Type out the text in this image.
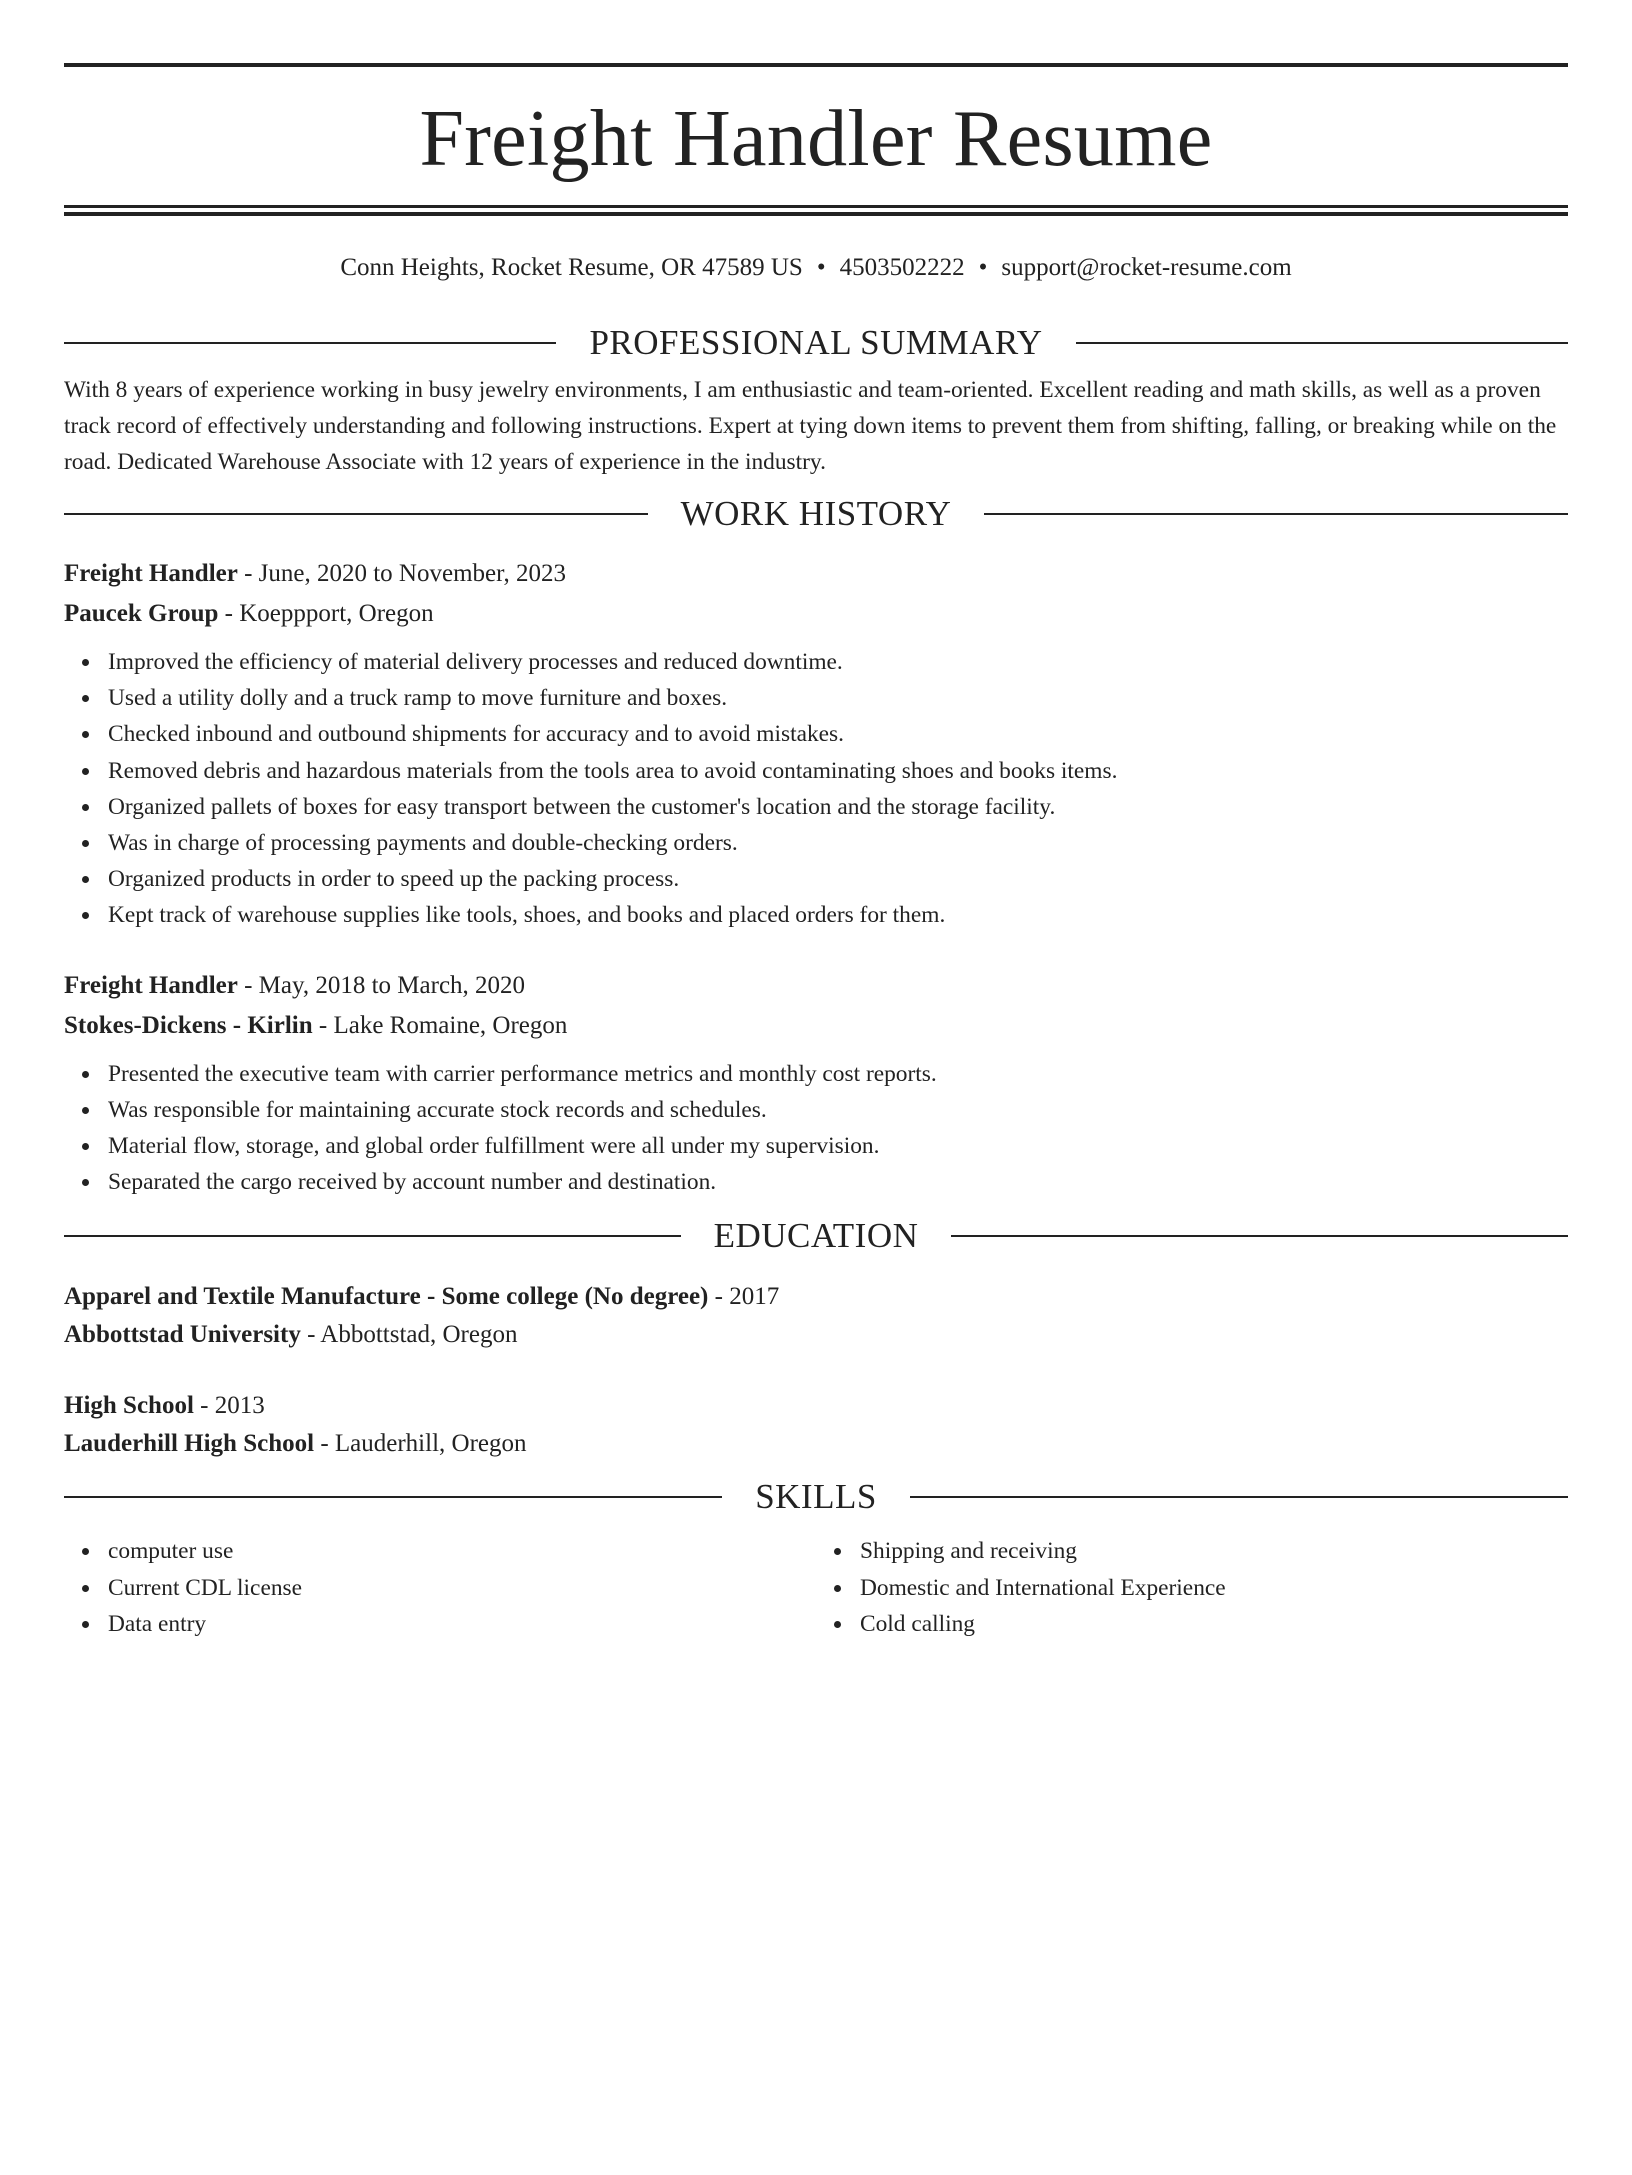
Freight Handler Resume
Conn Heights, Rocket Resume, OR 47589 US • 4503502222 • support@rocket-resume.com
PROFESSIONAL SUMMARY
With 8 years of experience working in busy jewelry environments, I am enthusiastic and team-oriented. Excellent reading and math skills, as well as a proven track record of effectively understanding and following instructions. Expert at tying down items to prevent them from shifting, falling, or breaking while on the road. Dedicated Warehouse Associate with 12 years of experience in the industry.
WORK HISTORY
Freight Handler - June, 2020 to November, 2023
Paucek Group - Koeppport, Oregon
Improved the efficiency of material delivery processes and reduced downtime.
Used a utility dolly and a truck ramp to move furniture and boxes.
Checked inbound and outbound shipments for accuracy and to avoid mistakes.
Removed debris and hazardous materials from the tools area to avoid contaminating shoes and books items.
Organized pallets of boxes for easy transport between the customer's location and the storage facility.
Was in charge of processing payments and double-checking orders.
Organized products in order to speed up the packing process.
Kept track of warehouse supplies like tools, shoes, and books and placed orders for them.
Freight Handler - May, 2018 to March, 2020
Stokes-Dickens - Kirlin - Lake Romaine, Oregon
Presented the executive team with carrier performance metrics and monthly cost reports.
Was responsible for maintaining accurate stock records and schedules.
Material flow, storage, and global order fulfillment were all under my supervision.
Separated the cargo received by account number and destination.
EDUCATION
Apparel and Textile Manufacture - Some college (No degree) - 2017
Abbottstad University - Abbottstad, Oregon
High School - 2013
Lauderhill High School - Lauderhill, Oregon
SKILLS
computer use
Current CDL license
Data entry
Shipping and receiving
Domestic and International Experience
Cold calling
